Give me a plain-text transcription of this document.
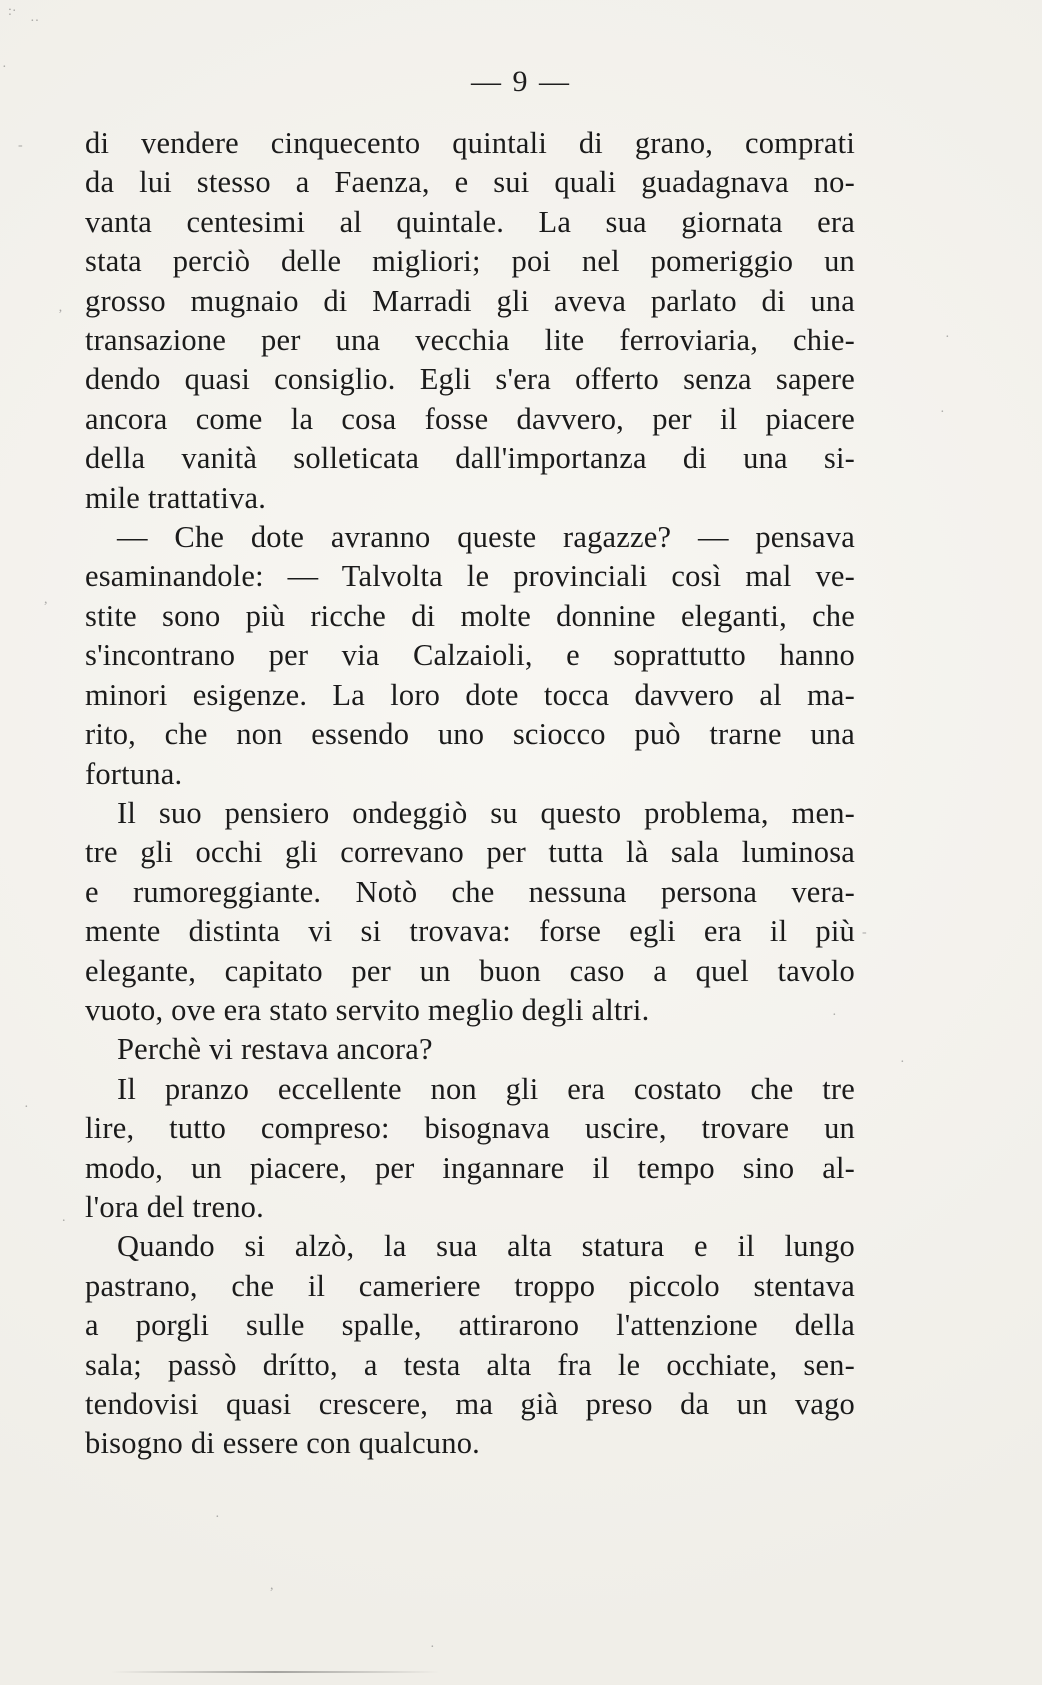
— 9 —

di vendere cinquecento quintali di grano, comprati
da lui stesso a Faenza, e sui quali guadagnava no-
vanta centesimi al quintale. La sua giornata era
stata perciò delle migliori; poi nel pomeriggio un
grosso mugnaio di Marradi gli aveva parlato di una
transazione per una vecchia lite ferroviaria, chie-
dendo quasi consiglio. Egli s'era offerto senza sapere
ancora come la cosa fosse davvero, per il piacere
della vanità solleticata dall'importanza di una si-
mile trattativa.

— Che dote avranno queste ragazze? — pensava
esaminandole: — Talvolta le provinciali così mal ve-
stite sono più ricche di molte donnine eleganti, che
s'incontrano per via Calzaioli, e soprattutto hanno
minori esigenze. La loro dote tocca davvero al ma-
rito, che non essendo uno sciocco può trarne una
fortuna.

Il suo pensiero ondeggiò su questo problema, men-
tre gli occhi gli correvano per tutta là sala luminosa
e rumoreggiante. Notò che nessuna persona vera-
mente distinta vi si trovava: forse egli era il più
elegante, capitato per un buon caso a quel tavolo
vuoto, ove era stato servito meglio degli altri.

Perchè vi restava ancora?

Il pranzo eccellente non gli era costato che tre
lire, tutto compreso: bisognava uscire, trovare un
modo, un piacere, per ingannare il tempo sino al-
l'ora del treno.

Quando si alzò, la sua alta statura e il lungo
pastrano, che il cameriere troppo piccolo stentava
a porgli sulle spalle, attirarono l'attenzione della
sala; passò drítto, a testa alta fra le occhiate, sen-
tendovisi quasi crescere, ma già preso da un vago
bisogno di essere con qualcuno.

:·
··
·
‐
‚
·
,
·
‐
·
·
·
.
·
,
·
